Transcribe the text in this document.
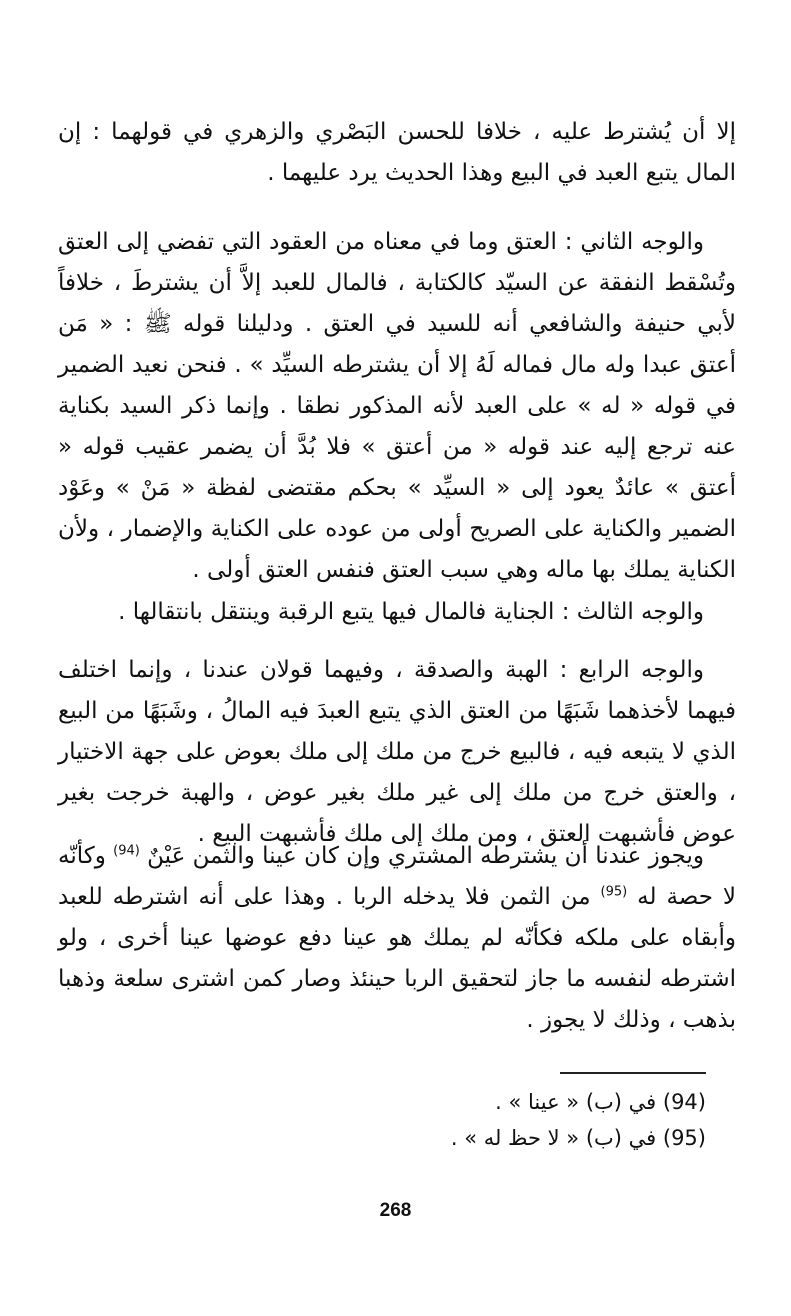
إلا أن يُشترط عليه ، خلافا للحسن البَصْري والزهري في قولهما : إن المال يتبع العبد في البيع وهذا الحديث يرد عليهما .

والوجه الثاني : العتق وما في معناه من العقود التي تفضي إلى العتق وتُسْقط النفقة عن السيّد كالكتابة ، فالمال للعبد إلاَّ أن يشترطَ ، خلافاً لأبي حنيفة والشافعي أنه للسيد في العتق . ودليلنا قوله ﷺ : « مَن أعتق عبدا وله مال فماله لَهُ إلا أن يشترطه السيِّد » . فنحن نعيد الضمير في قوله « له » على العبد لأنه المذكور نطقا . وإنما ذكر السيد بكناية عنه ترجع إليه عند قوله « من أعتق » فلا بُدَّ أن يضمر عقيب قوله « أعتق » عائدٌ يعود إلى « السيِّد » بحكم مقتضى لفظة « مَنْ » وعَوْد الضمير والكناية على الصريح أولى من عوده على الكناية والإضمار ، ولأن الكناية يملك بها ماله وهي سبب العتق فنفس العتق أولى .

والوجه الثالث : الجناية فالمال فيها يتبع الرقبة وينتقل بانتقالها .

والوجه الرابع : الهبة والصدقة ، وفيهما قولان عندنا ، وإنما اختلف فيهما لأخذهما شَبَهًا من العتق الذي يتبع العبدَ فيه المالُ ، وشَبَهًا من البيع الذي لا يتبعه فيه ، فالبيع خرج من ملك إلى ملك بعوض على جهة الاختيار ، والعتق خرج من ملك إلى غير ملك بغير عوض ، والهبة خرجت بغير عوض فأشبهت العتق ، ومن ملك إلى ملك فأشبهت البيع .

ويجوز عندنا أن يشترطه المشتري وإن كان عينا والثمن عَيْنٌ $^{(94)}$ وكأنّه لا حصة له $^{(95)}$ من الثمن فلا يدخله الربا . وهذا على أنه اشترطه للعبد وأبقاه على ملكه فكأنّه لم يملك هو عينا دفع عوضها عينا أخرى ، ولو اشترطه لنفسه ما جاز لتحقيق الربا حينئذ وصار كمن اشترى سلعة وذهبا بذهب ، وذلك لا يجوز .

(94) في (ب) « عينا » .
(95) في (ب) « لا حظ له » .
268
